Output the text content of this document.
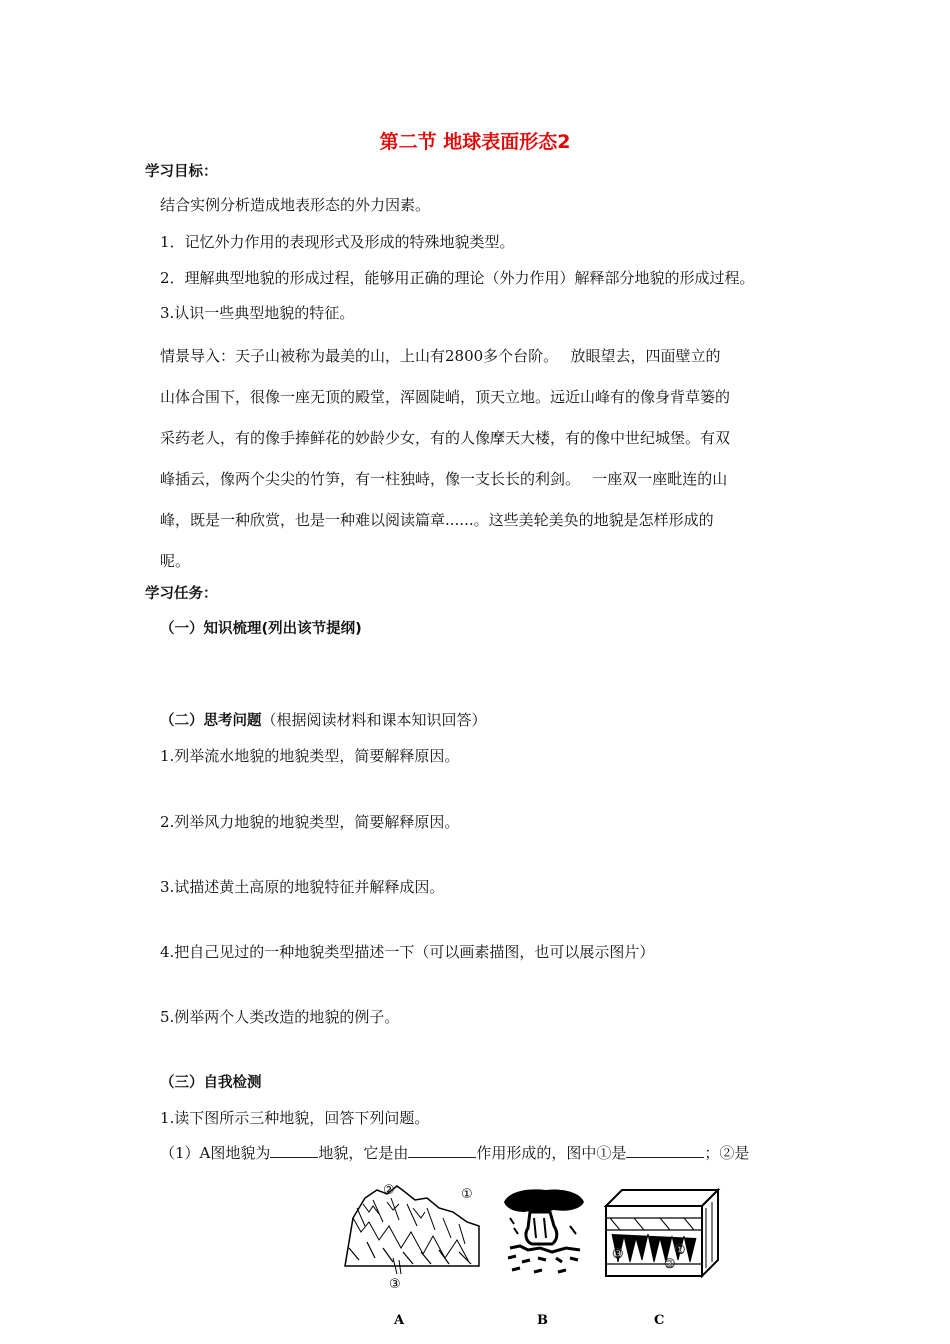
第二节 地球表面形态2
学习目标：
结合实例分析造成地表形态的外力因素。
1．记忆外力作用的表现形式及形成的特殊地貌类型。
2．理解典型地貌的形成过程，能够用正确的理论（外力作用）解释部分地貌的形成过程。
3.认识一些典型地貌的特征。
情景导入：天子山被称为最美的山，上山有2800多个台阶。　 放眼望去，四面壁立的
山体合围下，很像一座无顶的殿堂，浑圆陡峭，顶天立地。远近山峰有的像身背草篓的
采药老人，有的像手捧鲜花的妙龄少女，有的人像摩天大楼，有的像中世纪城堡。有双
峰插云，像两个尖尖的竹笋，有一柱独峙，像一支长长的利剑。　 一座双一座毗连的山
峰，既是一种欣赏，也是一种难以阅读篇章......。这些美轮美奂的地貌是怎样形成的
呢。
学习任务：
（一）知识梳理(列出该节提纲)
（二）思考问题（根据阅读材料和课本知识回答）
1.列举流水地貌的地貌类型，简要解释原因。
2.列举风力地貌的地貌类型，简要解释原因。
3.试描述黄土高原的地貌特征并解释成因。
4.把自己见过的一种地貌类型描述一下（可以画素描图，也可以展示图片）
5.例举两个人类改造的地貌的例子。
（三）自我检测
1.读下图所示三种地貌，回答下列问题。
（1）A图地貌为	地貌，它是由	作用形成的，图中①是	；②是
②	①
③
A	B
③	①
②
C
